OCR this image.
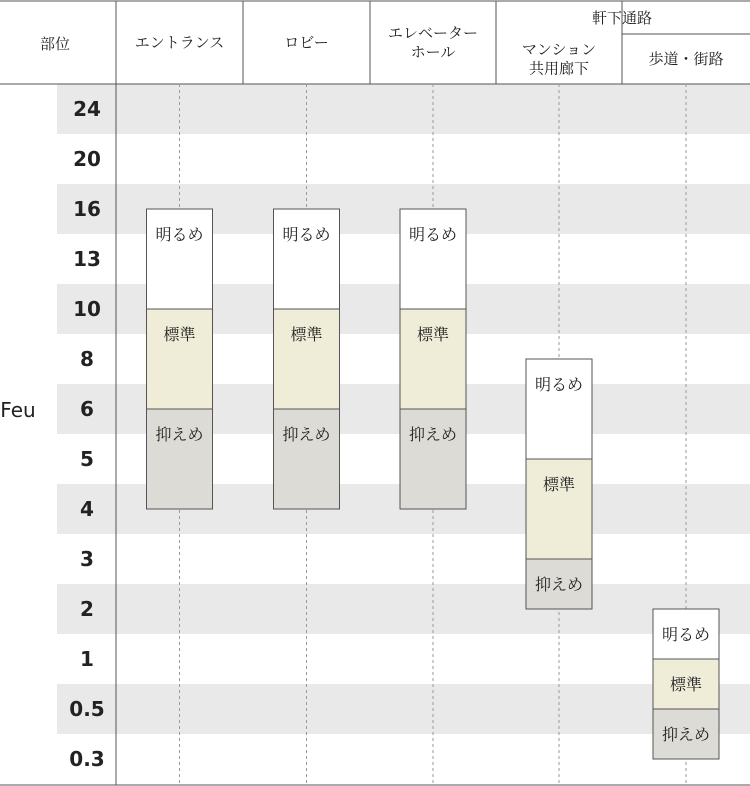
明るめ
標準
抑えめ
明るめ
標準
抑えめ
明るめ
標準
抑えめ
明るめ
標準
抑えめ
明るめ
標準
抑えめ
部位
軒下通路
エントランス	ロビー
エレベーターホール	マンション共用廊下
歩道・街路
24
20
16
13
10
8
6
5
4
3
2
1
0.5
0.3
Feu
